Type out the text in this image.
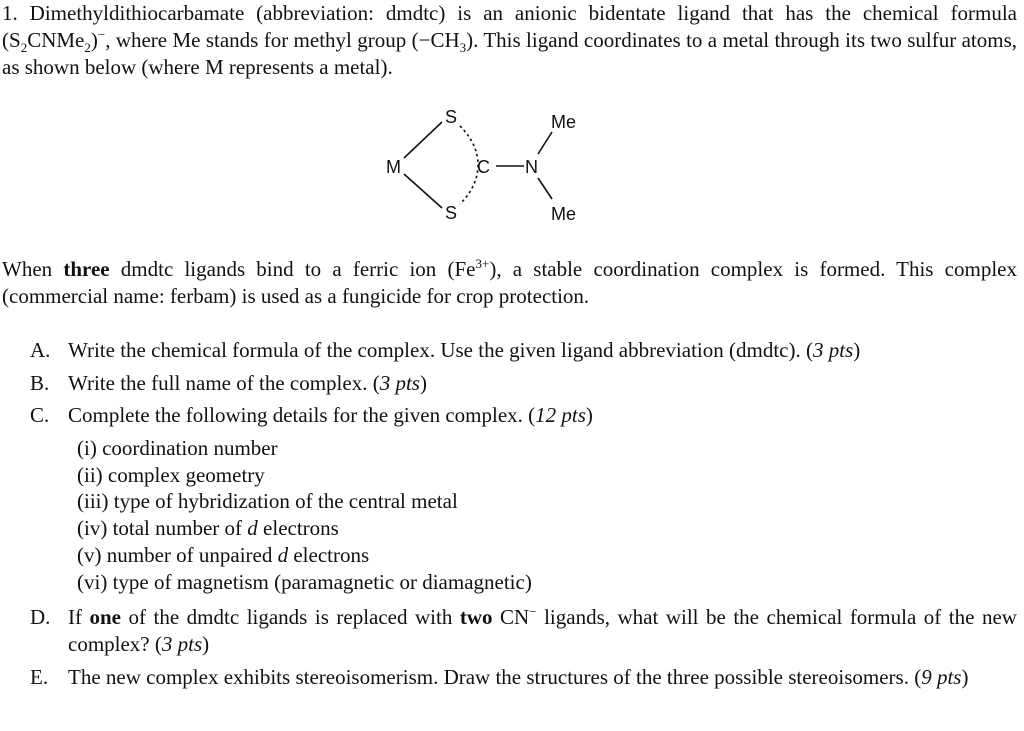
1. Dimethyldithiocarbamate (abbreviation: dmdtc) is an anionic bidentate ligand that has the chemical formula $(S_2CNMe_2)^-$, where Me stands for methyl group $(-CH_3)$. This ligand coordinates to a metal through its two sulfur atoms, as shown below (where M represents a metal).
M
S
S
C N
Me
Me
When three dmdtc ligands bind to a ferric ion $(Fe^{3+})$, a stable coordination complex is formed. This complex (commercial name: ferbam) is used as a fungicide for crop protection.
A. Write the chemical formula of the complex. Use the given ligand abbreviation (dmdtc). (3 pts)
B. Write the full name of the complex. (3 pts)
C. Complete the following details for the given complex. (12 pts)
(i) coordination number
(ii) complex geometry
(iii) type of hybridization of the central metal
(iv) total number of d electrons
(v) number of unpaired d electrons
(vi) type of magnetism (paramagnetic or diamagnetic)
D. If one of the dmdtc ligands is replaced with two CN− ligands, what will be the chemical formula of the new complex? (3 pts)
E. The new complex exhibits stereoisomerism. Draw the structures of the three possible stereoisomers. (9 pts)
